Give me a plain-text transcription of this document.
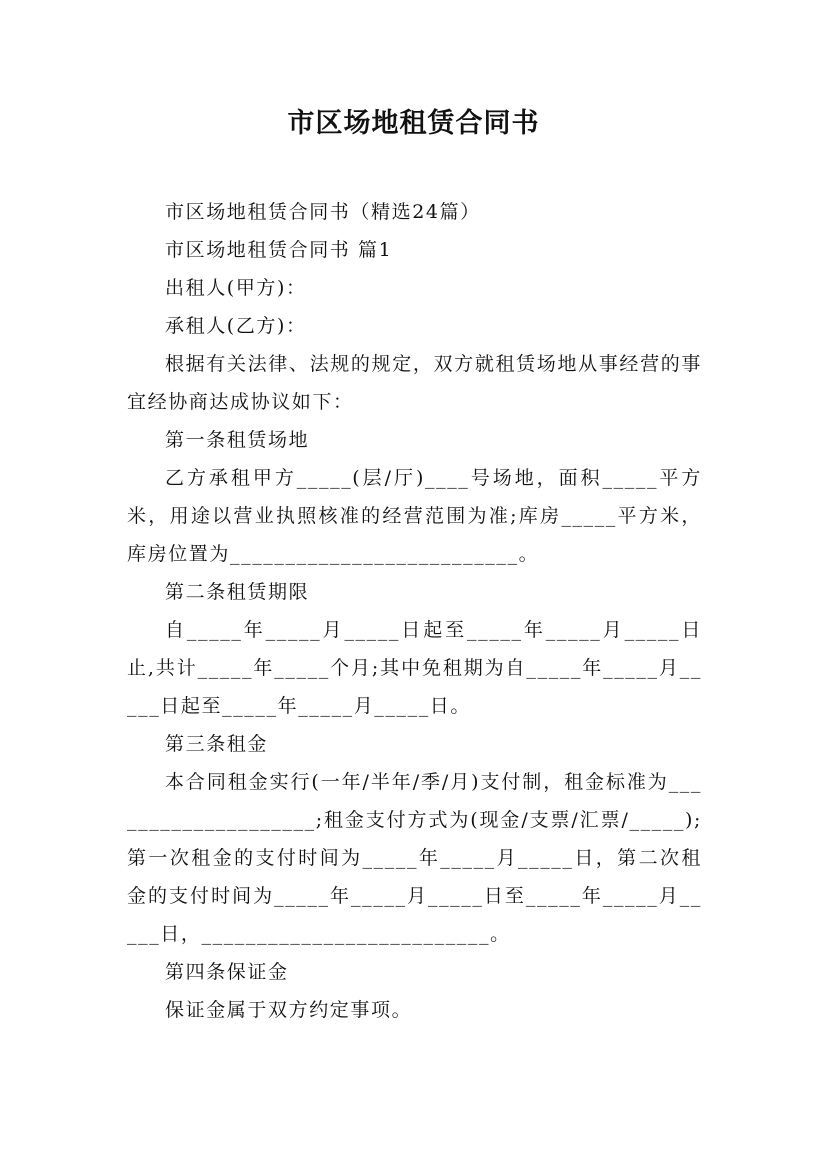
市区场地租赁合同书

市区场地租赁合同书（精选24篇）

市区场地租赁合同书 篇1

出租人(甲方)：

承租人(乙方)：

根据有关法律、法规的规定，双方就租赁场地从事经营的事宜经协商达成协议如下：

第一条租赁场地

乙方承租甲方_____(层/厅)____号场地，面积_____平方米，用途以营业执照核准的经营范围为准;库房_____平方米，库房位置为__________________________。

第二条租赁期限

自_____年_____月_____日起至_____年_____月_____日止,共计_____年_____个月;其中免租期为自_____年_____月_____日起至_____年_____月_____日。

第三条租金

本合同租金实行(一年/半年/季/月)支付制，租金标准为____________________;租金支付方式为(现金/支票/汇票/_____);第一次租金的支付时间为_____年_____月_____日，第二次租金的支付时间为_____年_____月_____日至_____年_____月_____日，__________________________。

第四条保证金

保证金属于双方约定事项。
